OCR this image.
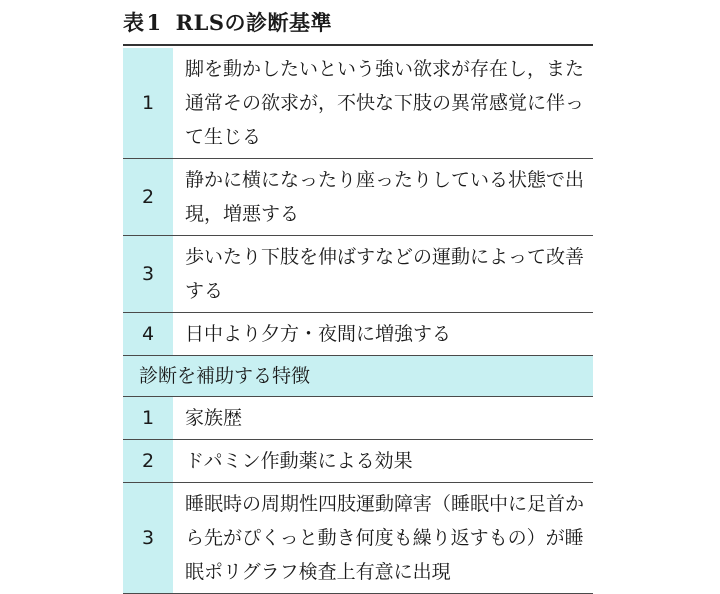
表1 RLSの診断基準
1	脚を動かしたいという強い欲求が存在し，また通常その欲求が，不快な下肢の異常感覚に伴って生じる
2	静かに横になったり座ったりしている状態で出現，増悪する
3	歩いたり下肢を伸ばすなどの運動によって改善する
4	日中より夕方・夜間に増強する
診断を補助する特徴	
1	家族歴
2	ドパミン作動薬による効果
3	睡眠時の周期性四肢運動障害（睡眠中に足首から先がぴくっと動き何度も繰り返すもの）が睡眠ポリグラフ検査上有意に出現
